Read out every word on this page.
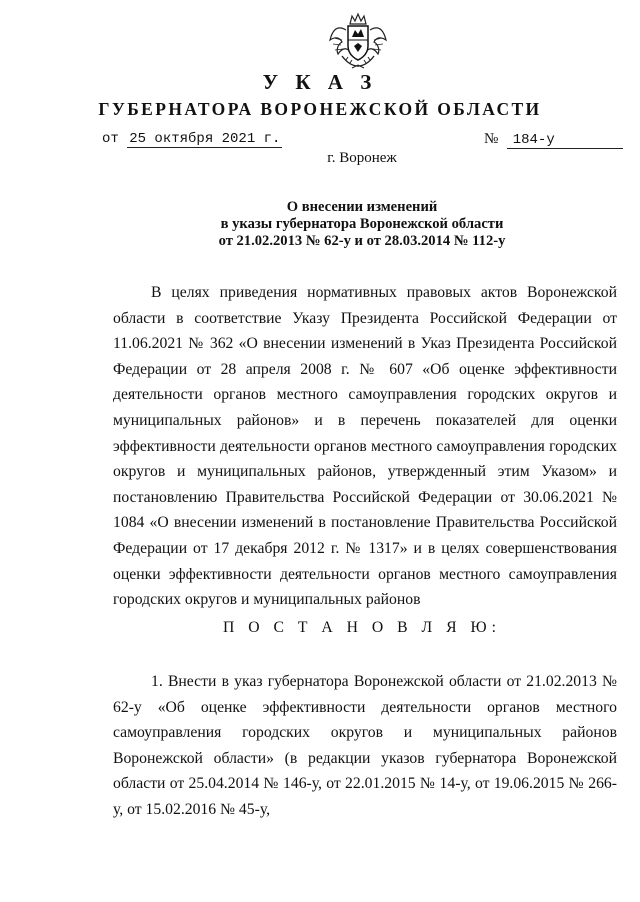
У К А З
ГУБЕРНАТОРА ВОРОНЕЖСКОЙ ОБЛАСТИ
от 25 октября 2021 г.	№ 184-у
г. Воронеж
О внесении изменений
в указы губернатора Воронежской области
от 21.02.2013 № 62-у и от 28.03.2014 № 112-у

В целях приведения нормативных правовых актов Воронежской области в соответствие Указу Президента Российской Федерации от 11.06.2021 № 362 «О внесении изменений в Указ Президента Российской Федерации от 28 апреля 2008 г. № 607 «Об оценке эффективности деятельности органов местного самоуправления городских округов и муниципальных районов» и в перечень показателей для оценки эффективности деятельности органов местного самоуправления городских округов и муниципальных районов, утвержденный этим Указом» и постановлению Правительства Российской Федерации от 30.06.2021 № 1084 «О внесении изменений в постановление Правительства Российской Федерации от 17 декабря 2012 г. № 1317» и в целях совершенствования оценки эффективности деятельности органов местного самоуправления городских округов и муниципальных районов

П О С Т А Н О В Л Я Ю:

1. Внести в указ губернатора Воронежской области от 21.02.2013 № 62-у «Об оценке эффективности деятельности органов местного самоуправления городских округов и муниципальных районов Воронежской области» (в редакции указов губернатора Воронежской области от 25.04.2014 № 146-у, от 22.01.2015 № 14-у, от 19.06.2015 № 266-у, от 15.02.2016 № 45-у,
